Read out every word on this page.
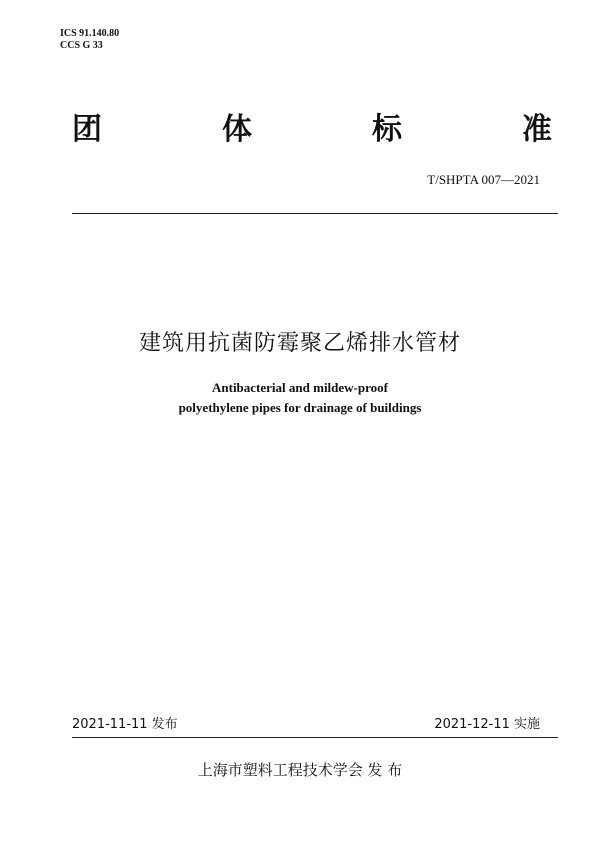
ICS 91.140.80
CCS G 33
团	体	标	准
T/SHPTA 007—2021
建筑用抗菌防霉聚乙烯排水管材
Antibacterial and mildew-proof
polyethylene pipes for drainage of buildings
2021-11-11 发布	2021-12-11 实施
上海市塑料工程技术学会 发 布
